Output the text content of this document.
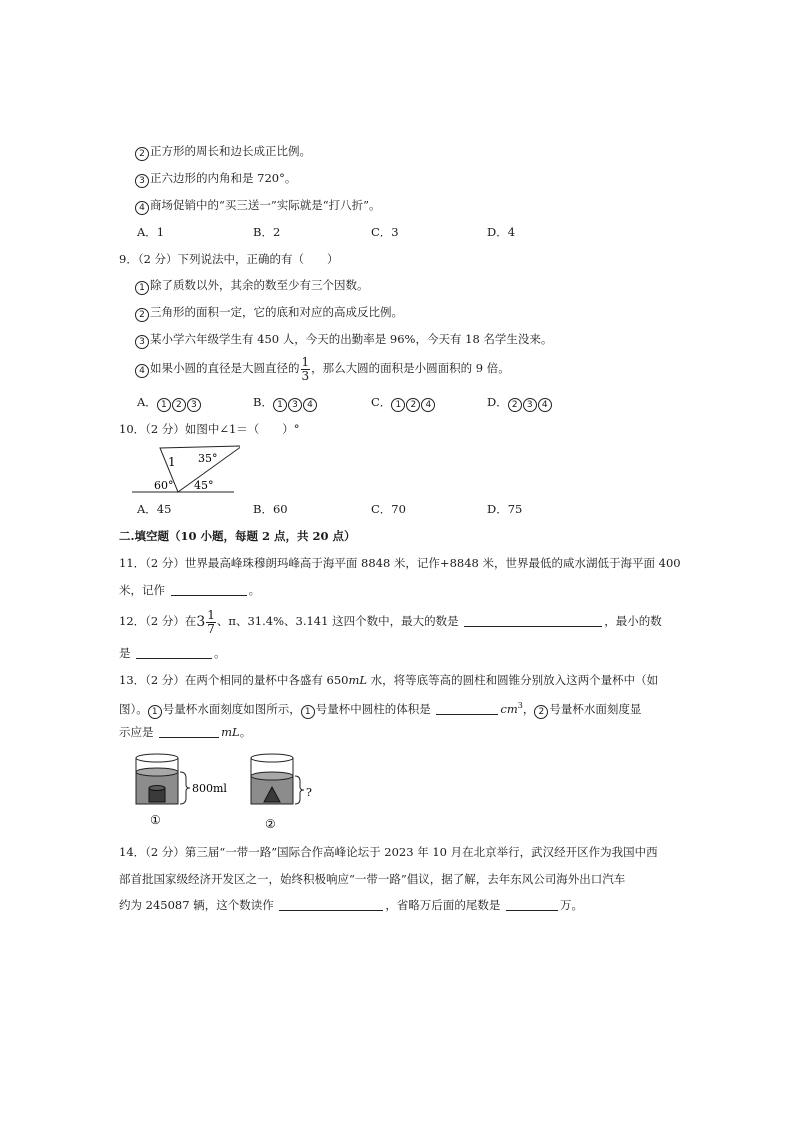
2 正方形的周长和边长成正比例。
3 正六边形的内角和是 720°。
4 商场促销中的“买三送一”实际就是“打八折”。
A．1	B．2	C．3	D．4
9．（2 分）下列说法中，正确的有（　　）
1 除了质数以外，其余的数至少有三个因数。
2 三角形的面积一定，它的底和对应的高成反比例。
3 某小学六年级学生有 450 人，今天的出勤率是 96%，今天有 18 名学生没来。
4 如果小圆的直径是大圆直径的 $\frac{1}{3}$ ，那么大圆的面积是小圆面积的 9 倍。
A． 1 2 3	B． 1 3 4	C． 1 2 4	D． 2 3 4
10．（2 分）如图中∠1＝（　　）°
1 35°
60° 45°
A．45	B．60	C．70	D．75
二.填空题（10 小题，每题 2 点，共 20 点）
11．（2 分）世界最高峰珠穆朗玛峰高于海平面 8848 米，记作+8848 米，世界最低的咸水湖低于海平面 400
米，记作	。
12．（2 分）在$3 \frac{1}{7}$ 、π、31.4%、3.141 这四个数中，最大的数是	，最小的数
是	。
13．（2 分）在两个相同的量杯中各盛有 650mL 水，将等底等高的圆柱和圆锥分别放入这两个量杯中（如
图）。 1 号量杯水面刻度如图所示， 1 号量杯中圆柱的体积是	$cm^3$， 2 号量杯水面刻度显
示应是	mL。
800ml
①
?
②
14．（2 分）第三届“一带一路”国际合作高峰论坛于 2023 年 10 月在北京举行，武汉经开区作为我国中西
部首批国家级经济开发区之一，始终积极响应“一带一路”倡议，据了解，去年东风公司海外出口汽车
约为 245087 辆，这个数读作	，省略万后面的尾数是	万。
